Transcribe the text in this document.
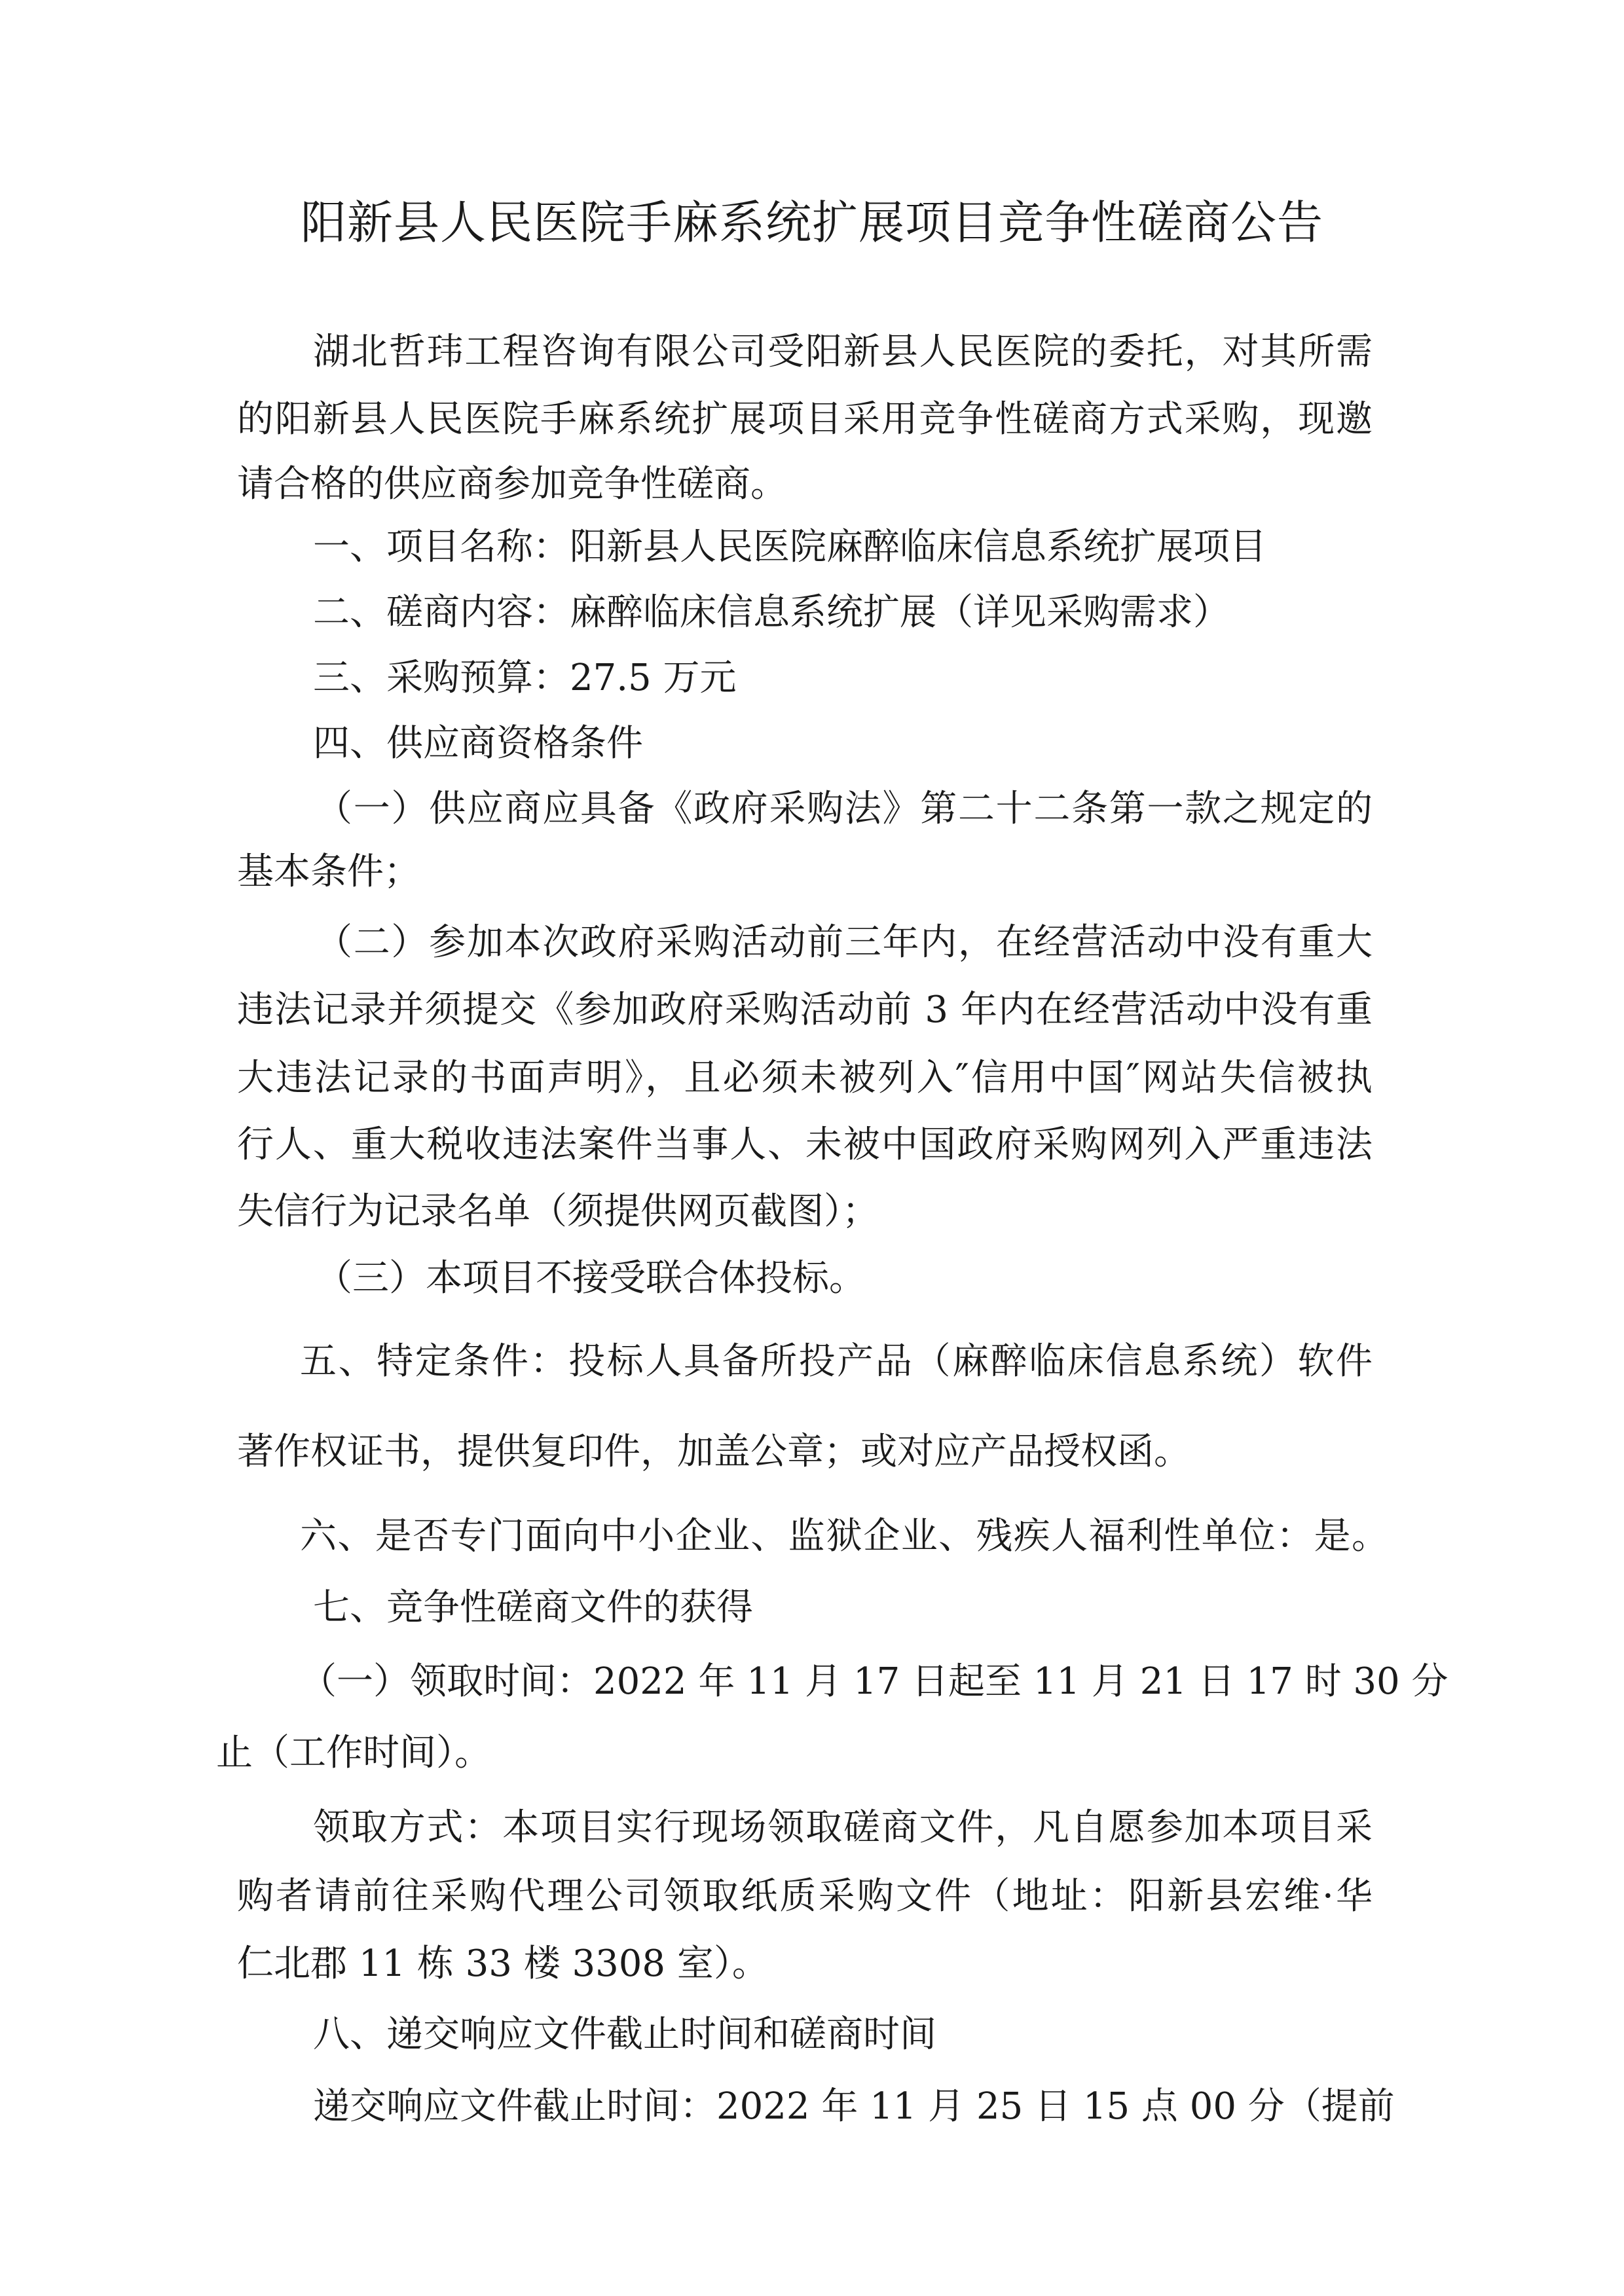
阳新县人民医院手麻系统扩展项目竞争性磋商公告

湖北哲玮工程咨询有限公司受阳新县人民医院的委托，对其所需

的阳新县人民医院手麻系统扩展项目采用竞争性磋商方式采购，现邀

请合格的供应商参加竞争性磋商。

一、项目名称：阳新县人民医院麻醉临床信息系统扩展项目

二、磋商内容：麻醉临床信息系统扩展（详见采购需求）

三、采购预算：27.5 万元

四、供应商资格条件

（一）供应商应具备《政府采购法》第二十二条第一款之规定的

基本条件；

（二）参加本次政府采购活动前三年内，在经营活动中没有重大

违法记录并须提交《参加政府采购活动前 3 年内在经营活动中没有重

大违法记录的书面声明》，且必须未被列入″信用中国″网站失信被执

行人、重大税收违法案件当事人、未被中国政府采购网列入严重违法

失信行为记录名单（须提供网页截图）；

（三）本项目不接受联合体投标。

五、特定条件：投标人具备所投产品（麻醉临床信息系统）软件

著作权证书，提供复印件，加盖公章；或对应产品授权函。

六、是否专门面向中小企业、监狱企业、残疾人福利性单位：是。

七、竞争性磋商文件的获得

（一）领取时间：2022 年 11 月 17 日起至 11 月 21 日 17 时 30 分

止（工作时间）。

领取方式：本项目实行现场领取磋商文件，凡自愿参加本项目采

购者请前往采购代理公司领取纸质采购文件（地址：阳新县宏维·华

仁北郡 11 栋 33 楼 3308 室）。

八、递交响应文件截止时间和磋商时间

递交响应文件截止时间：2022 年 11 月 25 日 15 点 00 分（提前
